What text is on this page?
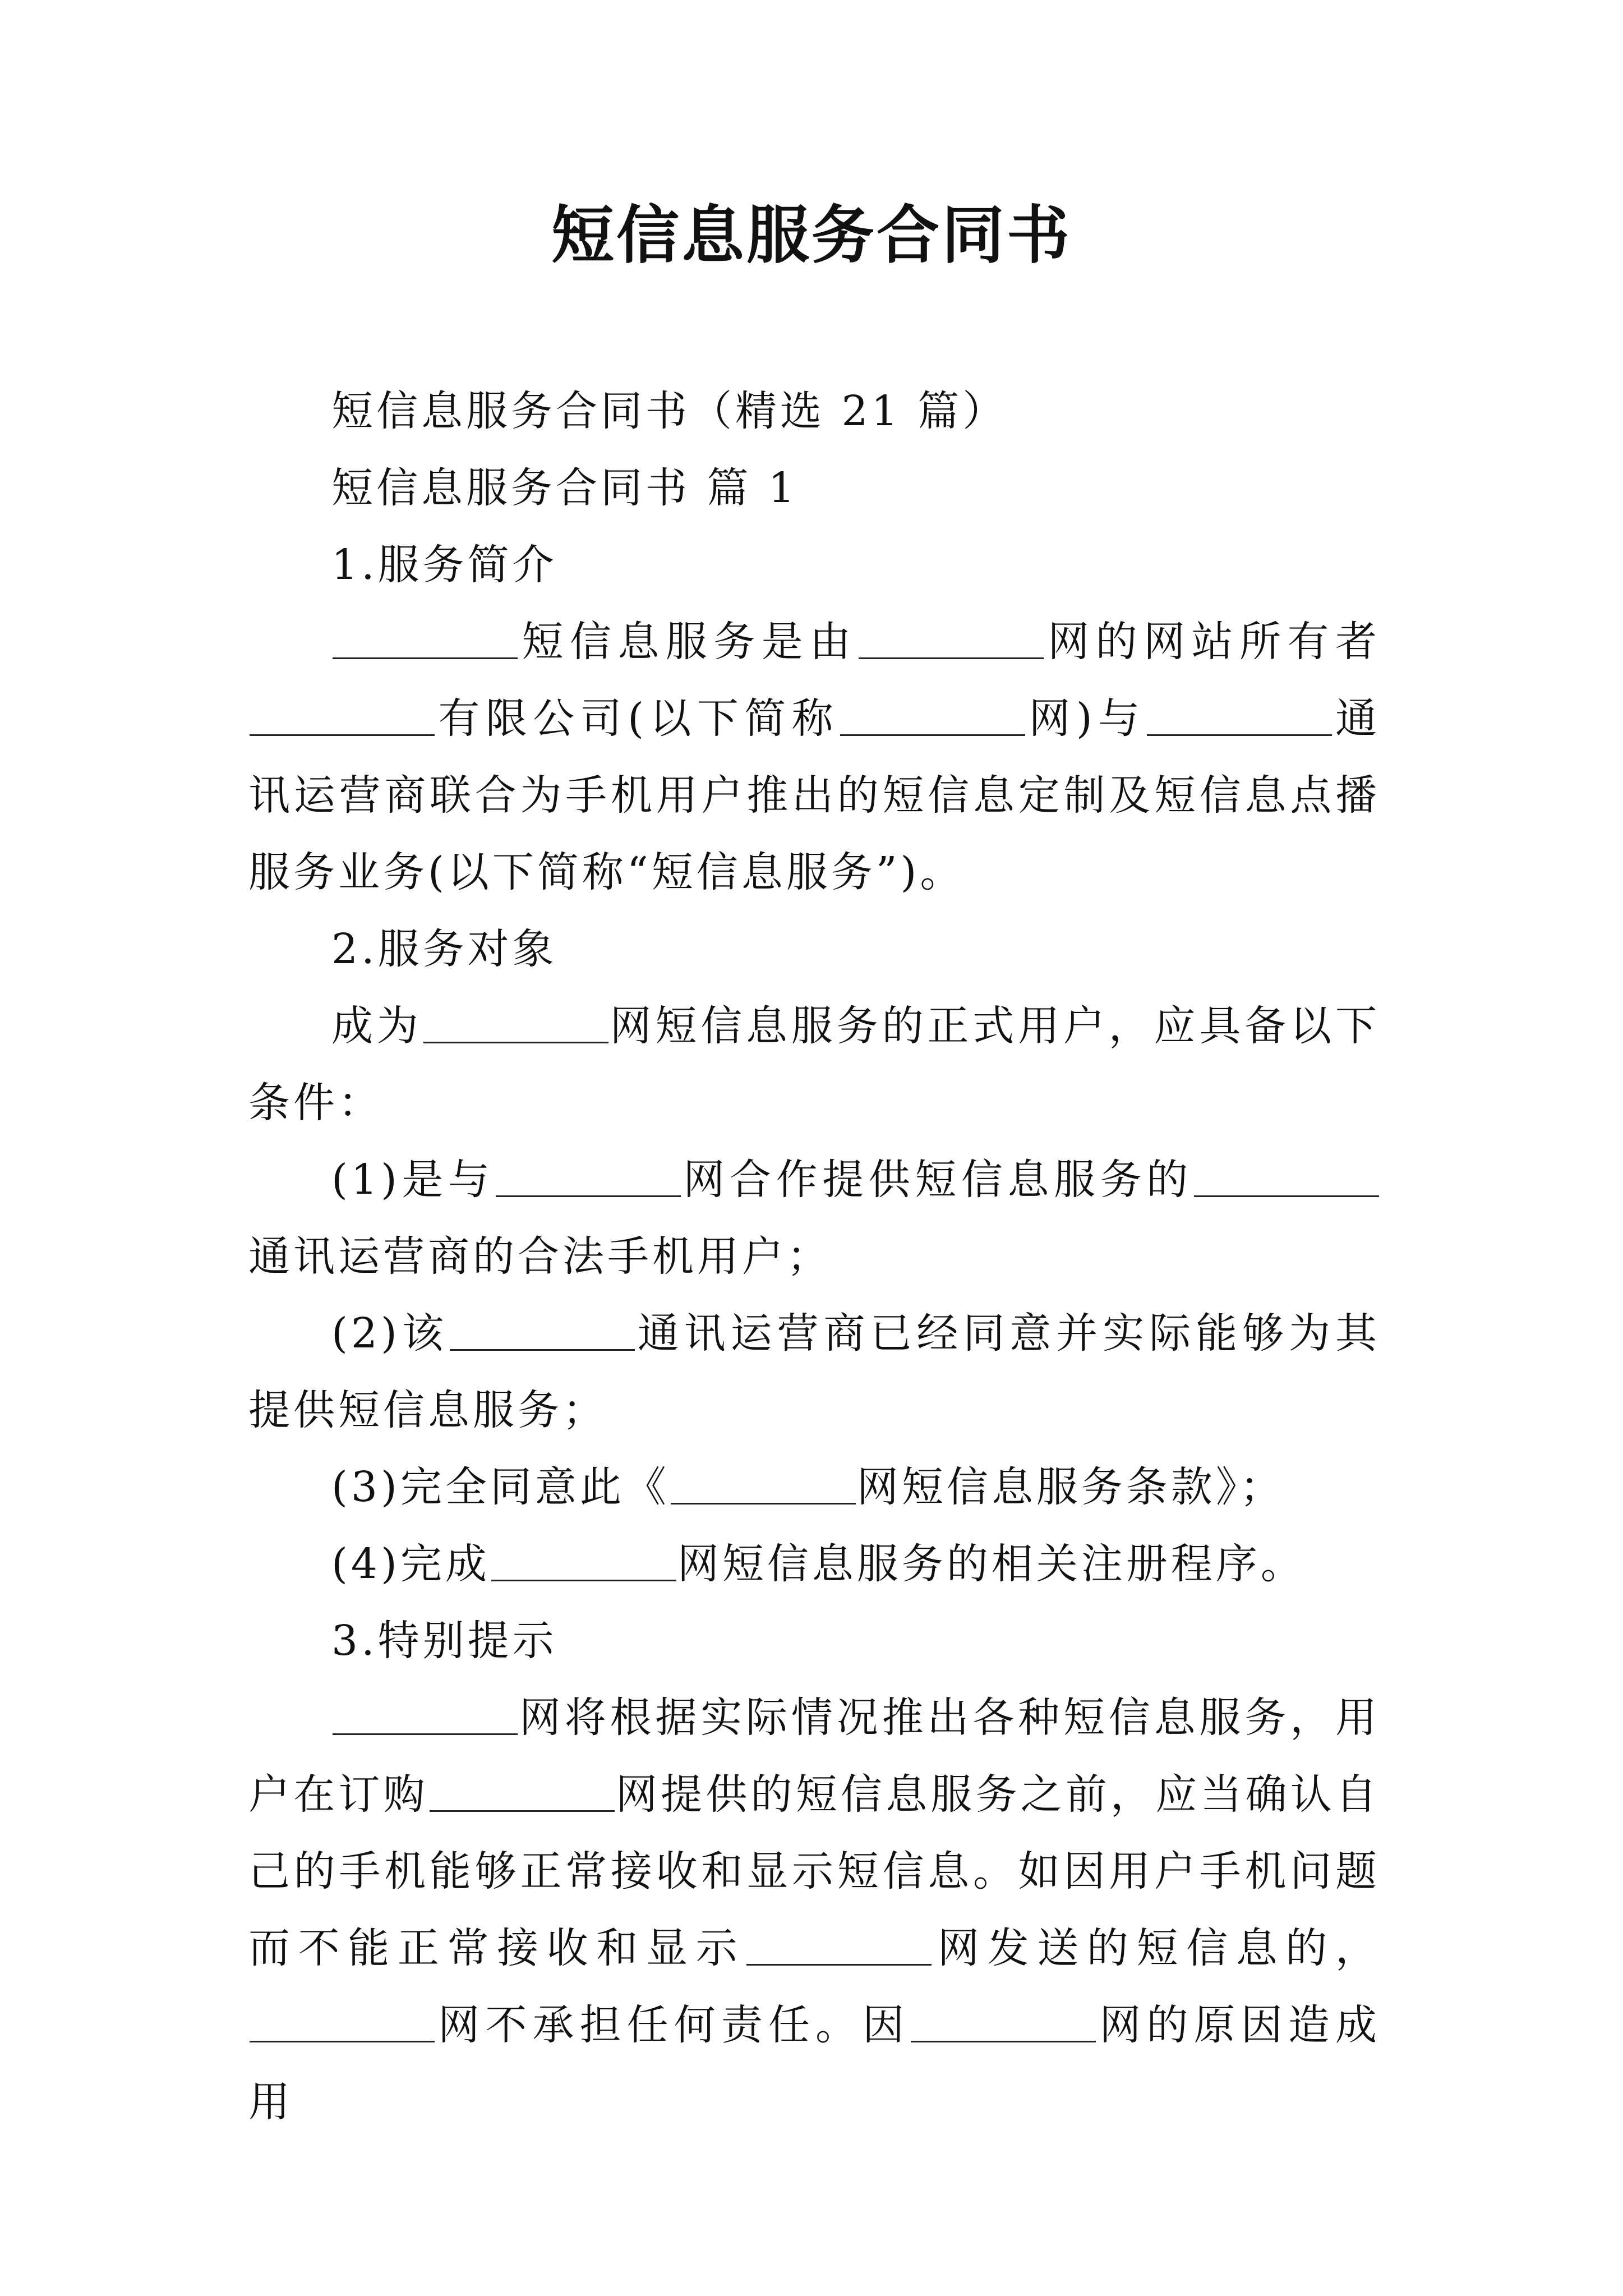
短信息服务合同书

短信息服务合同书（精选 21 篇）

短信息服务合同书 篇 1

1.服务简介

短信息服务是由	网的网站所有者有限公司(以下简称	网)与	通讯运营商联合为手机用户推出的短信息定制及短信息点播服务业务(以下简称“短信息服务”)。

2.服务对象

成为	网短信息服务的正式用户，应具备以下条件：

(1)是与	网合作提供短信息服务的通讯运营商的合法手机用户；

(2)该	通讯运营商已经同意并实际能够为其提供短信息服务；

(3)完全同意此《	网短信息服务条款》；

(4)完成	网短信息服务的相关注册程序。

3.特别提示

网将根据实际情况推出各种短信息服务，用户在订购	网提供的短信息服务之前，应当确认自己的手机能够正常接收和显示短信息。如因用户手机问题而不能正常接收和显示	网发送的短信息的，网不承担任何责任。因	网的原因造成用
